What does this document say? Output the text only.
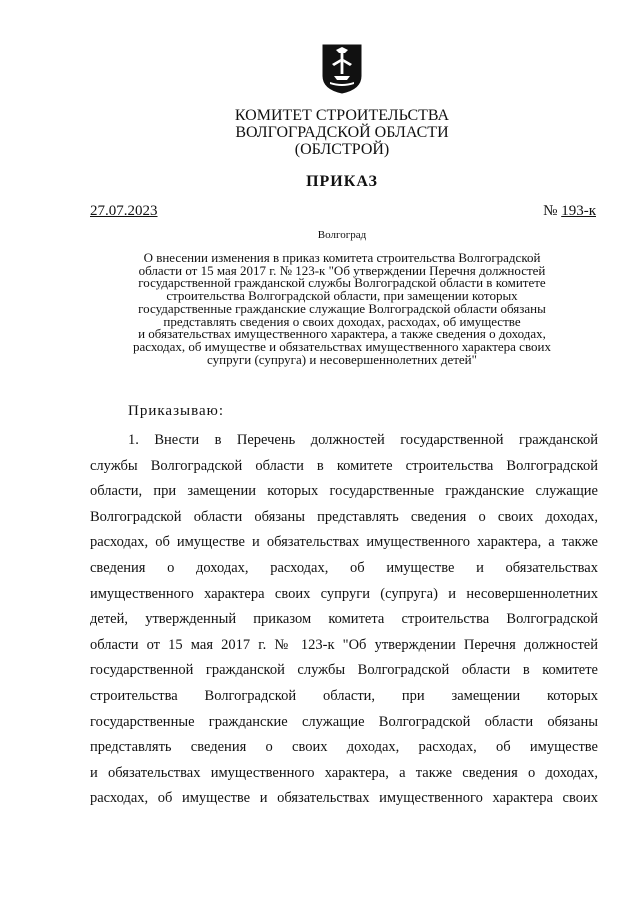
КОМИТЕТ СТРОИТЕЛЬСТВА
ВОЛГОГРАДСКОЙ ОБЛАСТИ
(ОБЛСТРОЙ)
ПРИКАЗ
27.07.2023	№ 193-к
Волгоград
О внесении изменения в приказ комитета строительства Волгоградской
области от 15 мая 2017 г. № 123-к "Об утверждении Перечня должностей
государственной гражданской службы Волгоградской области в комитете
строительства Волгоградской области, при замещении которых
государственные гражданские служащие Волгоградской области обязаны
представлять сведения о своих доходах, расходах, об имуществе
и обязательствах имущественного характера, а также сведения о доходах,
расходах, об имуществе и обязательствах имущественного характера своих
супруги (супруга) и несовершеннолетних детей"
Приказываю:
1. Внести в Перечень должностей государственной гражданской
службы Волгоградской области в комитете строительства Волгоградской
области, при замещении которых государственные гражданские служащие
Волгоградской области обязаны представлять сведения о своих доходах,
расходах, об имуществе и обязательствах имущественного характера, а также
сведения о доходах, расходах, об имуществе и обязательствах
имущественного характера своих супруги (супруга) и несовершеннолетних
детей, утвержденный приказом комитета строительства Волгоградской
области от 15 мая 2017 г. № 123-к "Об утверждении Перечня должностей
государственной гражданской службы Волгоградской области в комитете
строительства Волгоградской области, при замещении которых
государственные гражданские служащие Волгоградской области обязаны
представлять сведения о своих доходах, расходах, об имуществе
и обязательствах имущественного характера, а также сведения о доходах,
расходах, об имуществе и обязательствах имущественного характера своих
